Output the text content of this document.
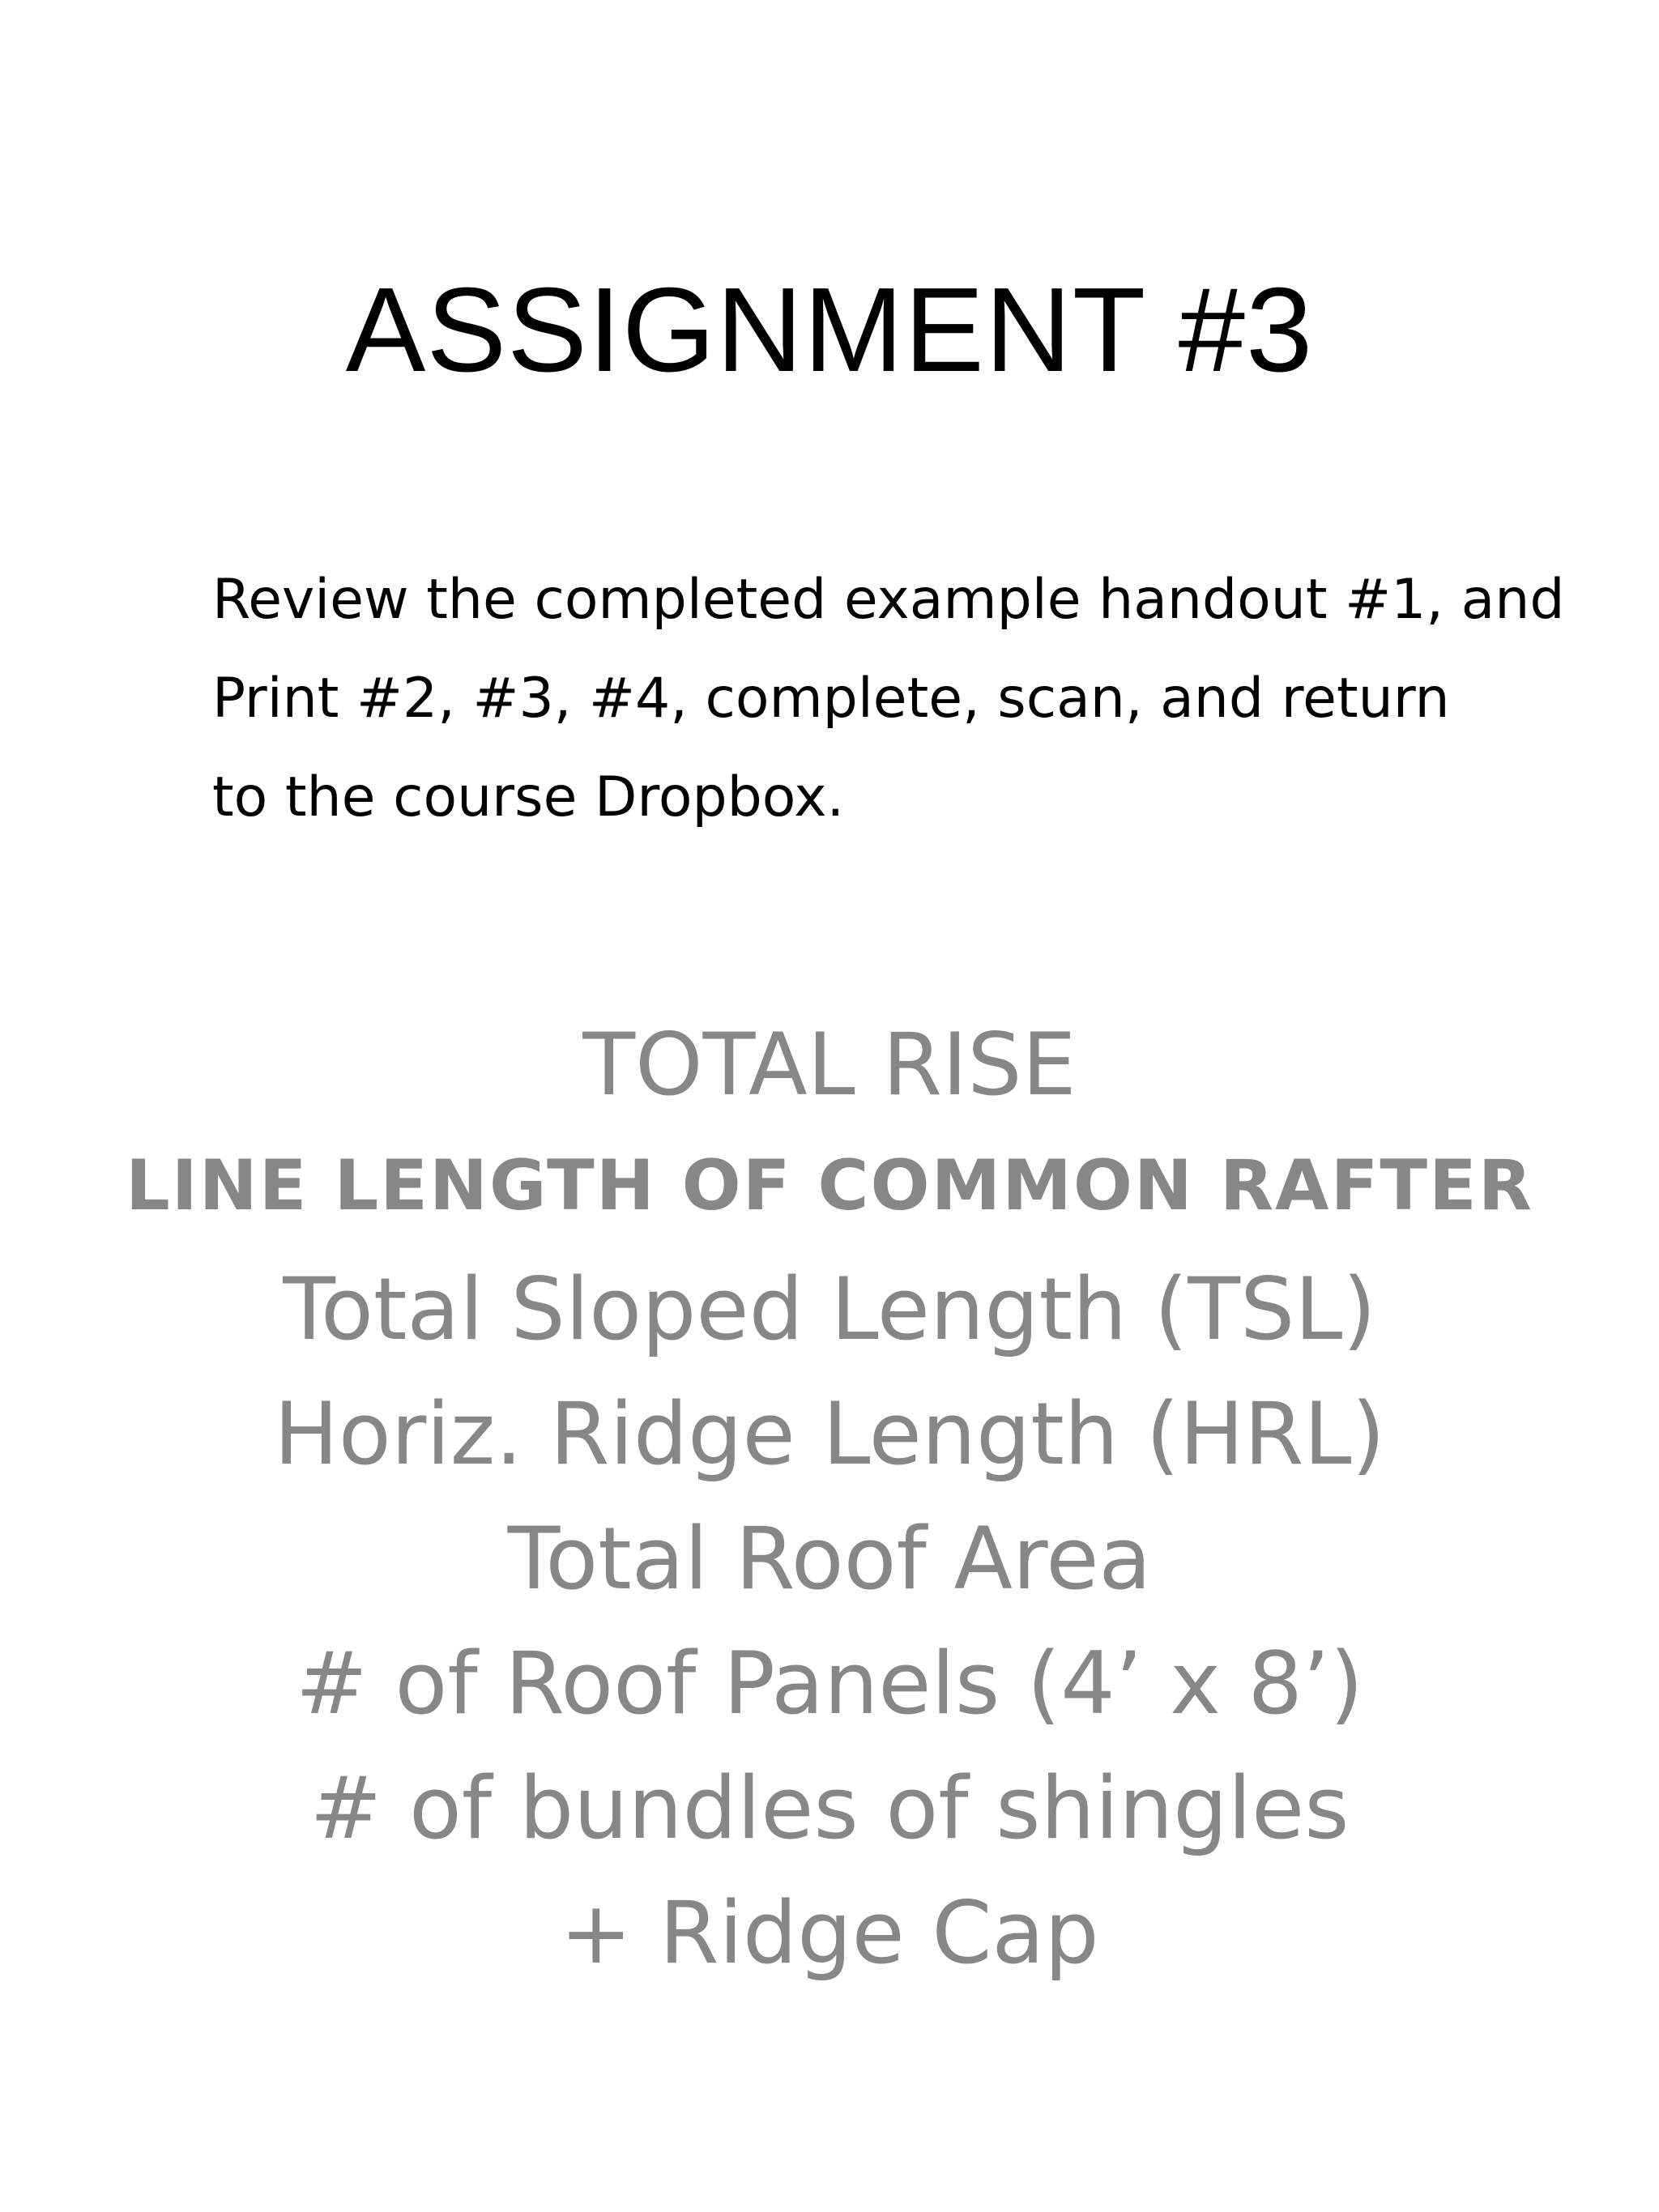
ASSIGNMENT #3
Review the completed example handout #1, and
Print #2, #3, #4, complete, scan, and return
to the course Dropbox.
TOTAL RISE
LINE LENGTH OF COMMON RAFTER
Total Sloped Length (TSL)
Horiz. Ridge Length (HRL)
Total Roof Area
# of Roof Panels (4’ x 8’)
# of bundles of shingles
+ Ridge Cap
